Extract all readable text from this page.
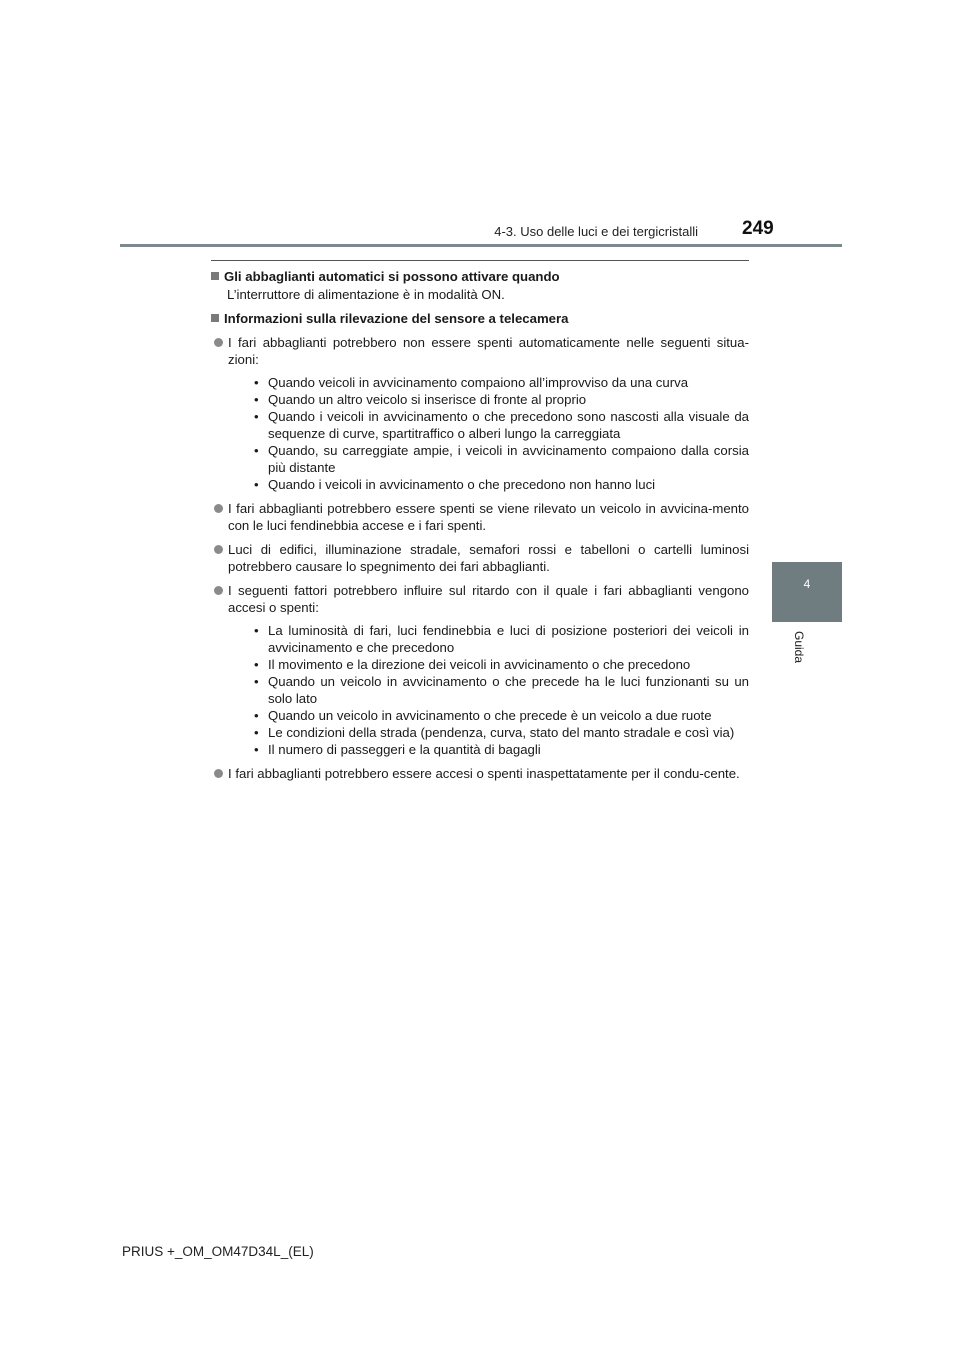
4-3. Uso delle luci e dei tergicristalli 249
4
Guida
Gli abbaglianti automatici si possono attivare quando
L’interruttore di alimentazione è in modalità ON.
Informazioni sulla rilevazione del sensore a telecamera
I fari abbaglianti potrebbero non essere spenti automaticamente nelle seguenti situa-zioni:
• Quando veicoli in avvicinamento compaiono all’improvviso da una curva
• Quando un altro veicolo si inserisce di fronte al proprio
• Quando i veicoli in avvicinamento o che precedono sono nascosti alla visuale da sequenze di curve, spartitraffico o alberi lungo la carreggiata
• Quando, su carreggiate ampie, i veicoli in avvicinamento compaiono dalla corsia più distante
• Quando i veicoli in avvicinamento o che precedono non hanno luci
I fari abbaglianti potrebbero essere spenti se viene rilevato un veicolo in avvicina-mento con le luci fendinebbia accese e i fari spenti.
Luci di edifici, illuminazione stradale, semafori rossi e tabelloni o cartelli luminosi potrebbero causare lo spegnimento dei fari abbaglianti.
I seguenti fattori potrebbero influire sul ritardo con il quale i fari abbaglianti vengono accesi o spenti:
• La luminosità di fari, luci fendinebbia e luci di posizione posteriori dei veicoli in avvicinamento e che precedono
• Il movimento e la direzione dei veicoli in avvicinamento o che precedono
• Quando un veicolo in avvicinamento o che precede ha le luci funzionanti su un solo lato
• Quando un veicolo in avvicinamento o che precede è un veicolo a due ruote
• Le condizioni della strada (pendenza, curva, stato del manto stradale e così via)
• Il numero di passeggeri e la quantità di bagagli
I fari abbaglianti potrebbero essere accesi o spenti inaspettatamente per il condu-cente.
PRIUS +_OM_OM47D34L_(EL)
